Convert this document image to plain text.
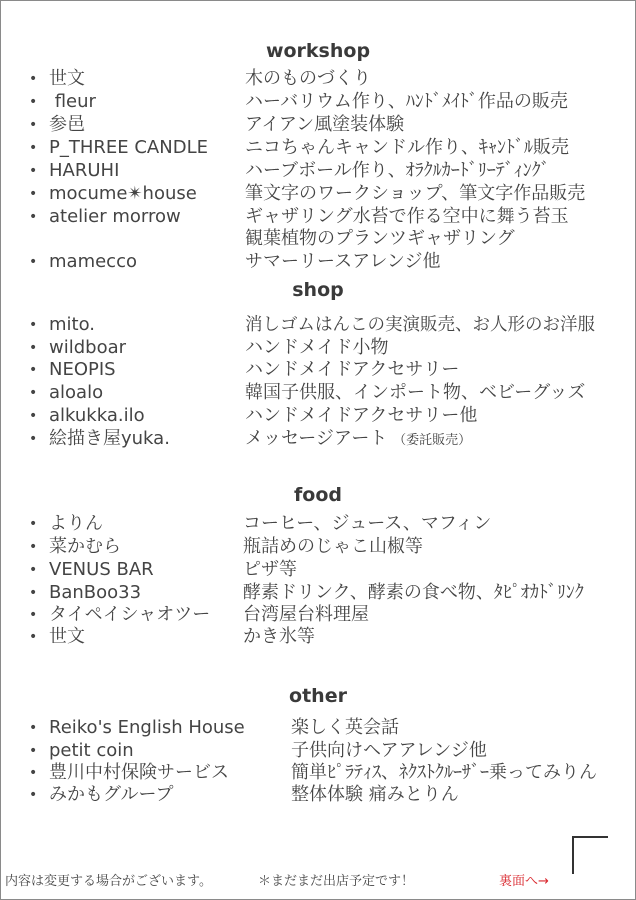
workshop
• 世文	木のものづくり
• fleur	ハーバリウム作り、ﾊﾝﾄﾞﾒｲﾄﾞ作品の販売
• 参邑	アイアン風塗装体験
• P_THREE CANDLE ニコちゃんキャンドル作り、ｷｬﾝﾄﾞﾙ販売
• HARUHI	ハーブボール作り、ｵﾗｸﾙｶｰﾄﾞﾘｰﾃﾞｨﾝｸﾞ
• mocume✴house	筆文字のワークショップ、筆文字作品販売
• atelier morrow	ギャザリング水苔で作る空中に舞う苔玉
観葉植物のプランツギャザリング
• mamecco	サマーリースアレンジ他
shop
• mito.	消しゴムはんこの実演販売、お人形のお洋服
• wildboar	ハンドメイド小物
• NEOPIS	ハンドメイドアクセサリー
• aloalo	韓国子供服、インポート物、ベビーグッズ
• alkukka.ilo	ハンドメイドアクセサリー他
• 絵描き屋yuka.	メッセージアート （委託販売）
food
• よりん	コーヒー、ジュース、マフィン
• 菜かむら	瓶詰めのじゃこ山椒等
• VENUS BAR	ピザ等
• BanBoo33	酵素ドリンク、酵素の食べ物、ﾀﾋﾟｵｶﾄﾞﾘﾝｸ
• タイペイシャオツー 台湾屋台料理屋
• 世文	かき氷等
other
• Reiko's English House	楽しく英会話
• petit coin	子供向けヘアアレンジ他
• 豊川中村保険サービス	簡単ﾋﾟﾗﾃｨｽ、ﾈｸｽﾄｸﾙｰｻﾞｰ乗ってみりん
• みかもグループ	整体体験 痛みとりん
内容は変更する場合がございます。	＊まだまだ出店予定です！	裏面へ→
